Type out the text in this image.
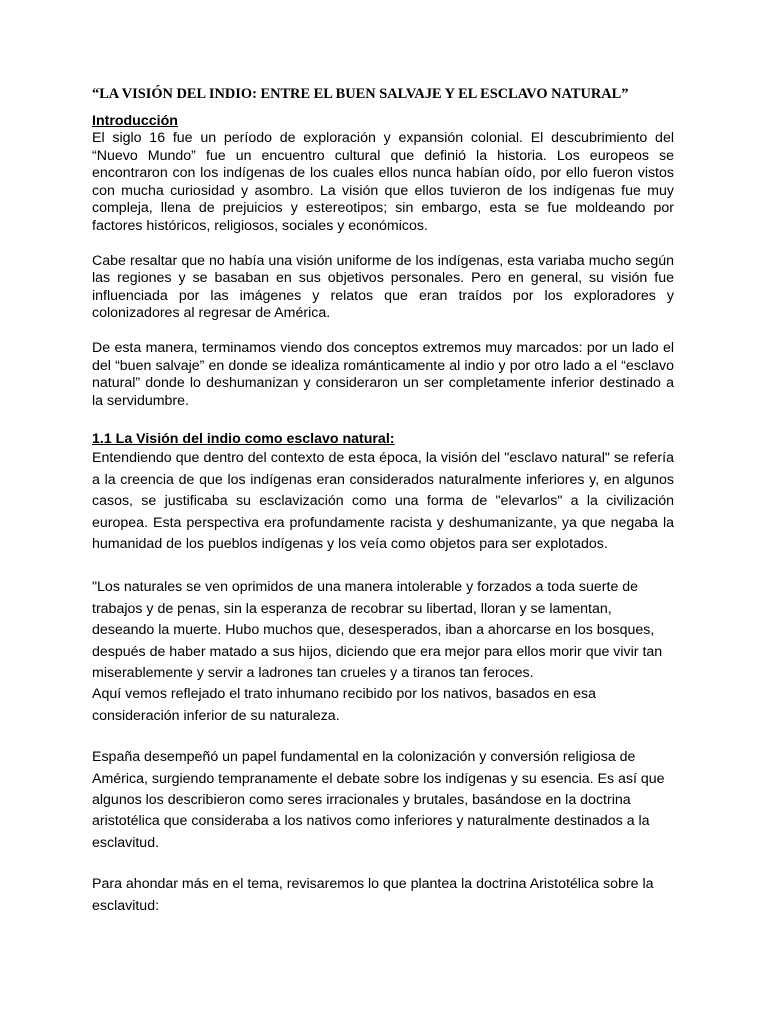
“LA VISIÓN DEL INDIO: ENTRE EL BUEN SALVAJE Y EL ESCLAVO NATURAL”

Introducción

El siglo 16 fue un período de exploración y expansión colonial. El descubrimiento del “Nuevo Mundo” fue un encuentro cultural que definió la historia. Los europeos se encontraron con los indígenas de los cuales ellos nunca habían oído, por ello fueron vistos con mucha curiosidad y asombro. La visión que ellos tuvieron de los indígenas fue muy compleja, llena de prejuicios y estereotipos; sin embargo, esta se fue moldeando por factores históricos, religiosos, sociales y económicos.

Cabe resaltar que no había una visión uniforme de los indígenas, esta variaba mucho según las regiones y se basaban en sus objetivos personales. Pero en general, su visión fue influenciada por las imágenes y relatos que eran traídos por los exploradores y colonizadores al regresar de América.

De esta manera, terminamos viendo dos conceptos extremos muy marcados: por un lado el del “buen salvaje” en donde se idealiza románticamente al indio y por otro lado a el “esclavo natural” donde lo deshumanizan y consideraron un ser completamente inferior destinado a la servidumbre.

1.1 La Visión del indio como esclavo natural:

Entendiendo que dentro del contexto de esta época, la visión del "esclavo natural" se refería a la creencia de que los indígenas eran considerados naturalmente inferiores y, en algunos casos, se justificaba su esclavización como una forma de "elevarlos" a la civilización europea. Esta perspectiva era profundamente racista y deshumanizante, ya que negaba la humanidad de los pueblos indígenas y los veía como objetos para ser explotados.

"Los naturales se ven oprimidos de una manera intolerable y forzados a toda suerte de
trabajos y de penas, sin la esperanza de recobrar su libertad, lloran y se lamentan,
deseando la muerte. Hubo muchos que, desesperados, iban a ahorcarse en los bosques,
después de haber matado a sus hijos, diciendo que era mejor para ellos morir que vivir tan
miserablemente y servir a ladrones tan crueles y a tiranos tan feroces.
Aquí vemos reflejado el trato inhumano recibido por los nativos, basados en esa
consideración inferior de su naturaleza.
España desempeñó un papel fundamental en la colonización y conversión religiosa de
América, surgiendo tempranamente el debate sobre los indígenas y su esencia. Es así que
algunos los describieron como seres irracionales y brutales, basándose en la doctrina
aristotélica que consideraba a los nativos como inferiores y naturalmente destinados a la
esclavitud.
Para ahondar más en el tema, revisaremos lo que plantea la doctrina Aristotélica sobre la
esclavitud:
